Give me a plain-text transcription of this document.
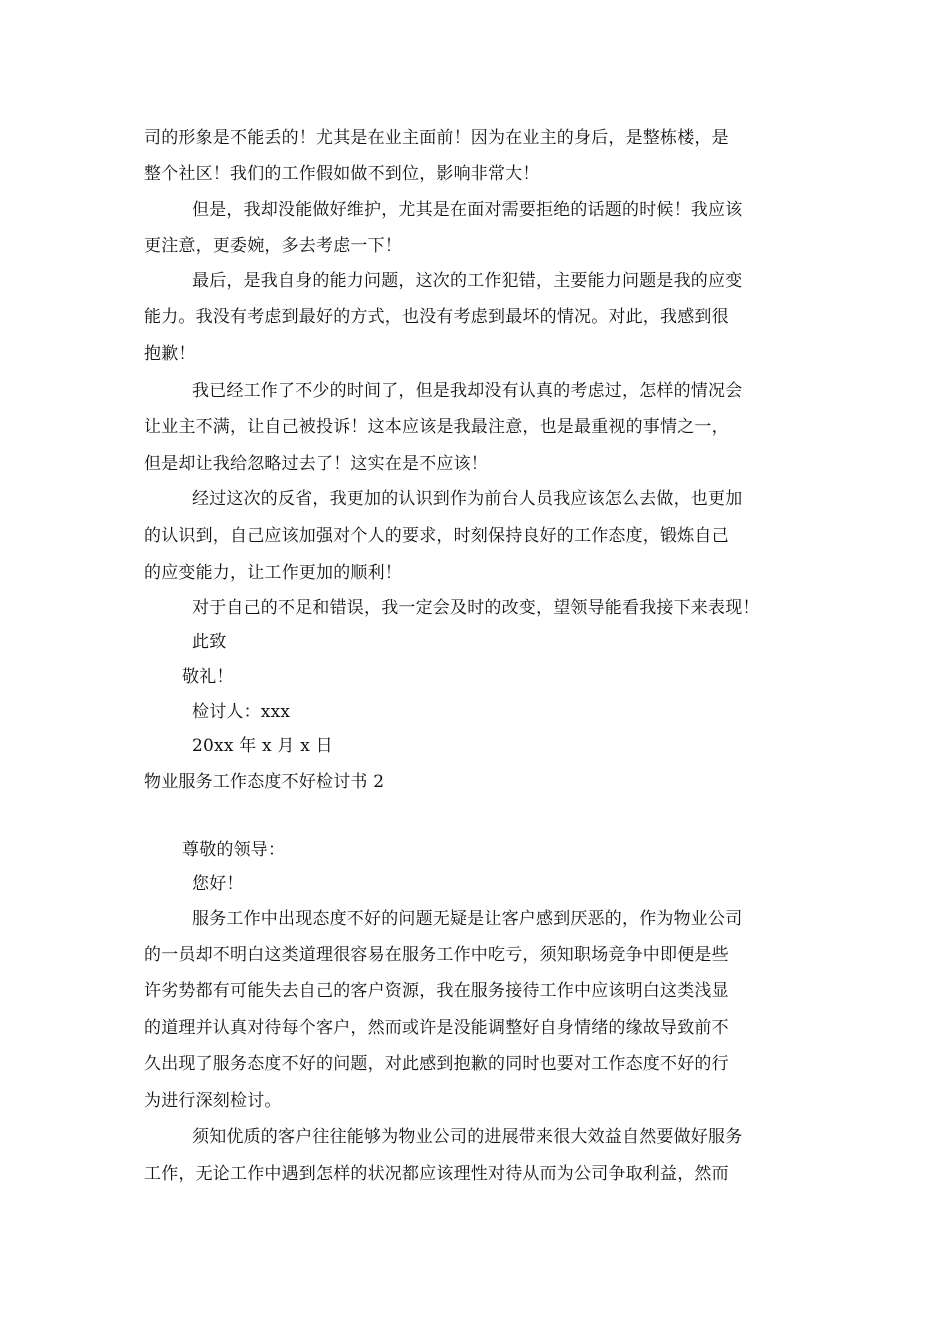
司的形象是不能丢的！尤其是在业主面前！因为在业主的身后，是整栋楼，是
整个社区！我们的工作假如做不到位，影响非常大！
但是，我却没能做好维护，尤其是在面对需要拒绝的话题的时候！我应该
更注意，更委婉，多去考虑一下！
最后，是我自身的能力问题，这次的工作犯错，主要能力问题是我的应变
能力。我没有考虑到最好的方式，也没有考虑到最坏的情况。对此，我感到很
抱歉！
我已经工作了不少的时间了，但是我却没有认真的考虑过，怎样的情况会
让业主不满，让自己被投诉！这本应该是我最注意，也是最重视的事情之一，
但是却让我给忽略过去了！这实在是不应该！
经过这次的反省，我更加的认识到作为前台人员我应该怎么去做，也更加
的认识到，自己应该加强对个人的要求，时刻保持良好的工作态度，锻炼自己
的应变能力，让工作更加的顺利！
对于自己的不足和错误，我一定会及时的改变，望领导能看我接下来表现！
此致
敬礼！
检讨人：xxx
20xx 年 x 月 x 日
物业服务工作态度不好检讨书 2
尊敬的领导：
您好！
服务工作中出现态度不好的问题无疑是让客户感到厌恶的，作为物业公司
的一员却不明白这类道理很容易在服务工作中吃亏，须知职场竞争中即便是些
许劣势都有可能失去自己的客户资源，我在服务接待工作中应该明白这类浅显
的道理并认真对待每个客户，然而或许是没能调整好自身情绪的缘故导致前不
久出现了服务态度不好的问题，对此感到抱歉的同时也要对工作态度不好的行
为进行深刻检讨。
须知优质的客户往往能够为物业公司的进展带来很大效益自然要做好服务
工作，无论工作中遇到怎样的状况都应该理性对待从而为公司争取利益，然而
